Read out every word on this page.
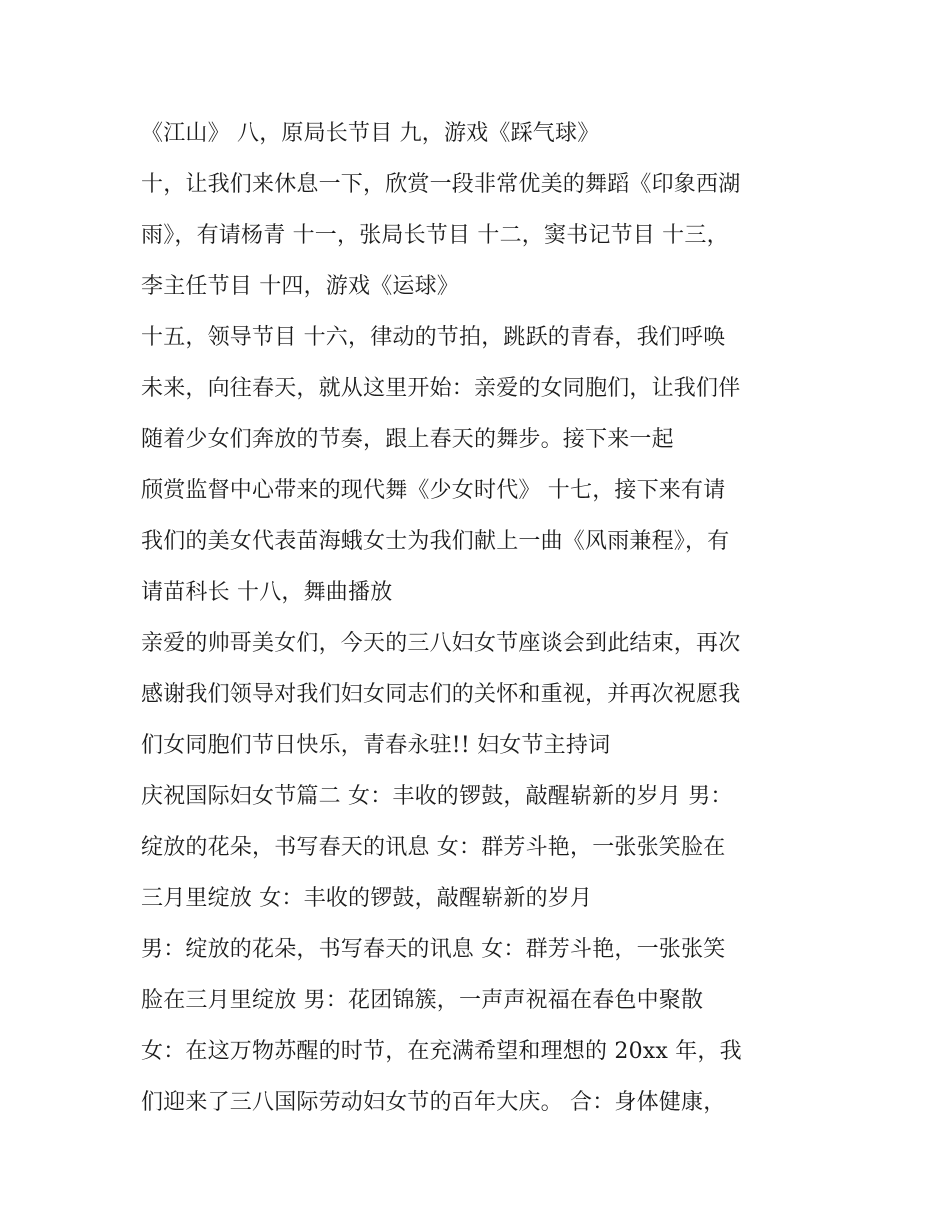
《江山》 八，原局长节目 九，游戏《踩气球》
十，让我们来休息一下，欣赏一段非常优美的舞蹈《印象西湖
雨》，有请杨青 十一，张局长节目 十二，窦书记节目 十三，
李主任节目 十四，游戏《运球》
十五，领导节目 十六，律动的节拍，跳跃的青春，我们呼唤
未来，向往春天，就从这里开始：亲爱的女同胞们，让我们伴
随着少女们奔放的节奏，跟上春天的舞步。接下来一起
颀赏监督中心带来的现代舞《少女时代》 十七，接下来有请
我们的美女代表苗海蛾女士为我们献上一曲《风雨兼程》，有
请苗科长 十八，舞曲播放
亲爱的帅哥美女们，今天的三八妇女节座谈会到此结束，再次
感谢我们领导对我们妇女同志们的关怀和重视，并再次祝愿我
们女同胞们节日快乐，青春永驻!! 妇女节主持词
庆祝国际妇女节篇二 女：丰收的锣鼓，敲醒崭新的岁月 男：
绽放的花朵，书写春天的讯息 女：群芳斗艳，一张张笑脸在
三月里绽放 女：丰收的锣鼓，敲醒崭新的岁月
男：绽放的花朵，书写春天的讯息 女：群芳斗艳，一张张笑
脸在三月里绽放 男：花团锦簇，一声声祝福在春色中聚散
女：在这万物苏醒的时节，在充满希望和理想的 20xx 年，我
们迎来了三八国际劳动妇女节的百年大庆。 合：身体健康，
